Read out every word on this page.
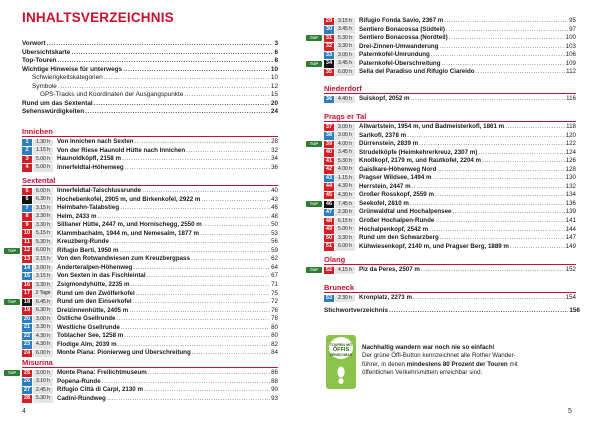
INHALTSVERZEICHNIS
Vorwort .....	3
Übersichtskarte .....	6
Top-Touren .....	8
Wichtige Hinweise für unterwegs .....	10
Schwierigkeitskategorien .....	10
Symbole .....	12
GPS-Tracks und Koordinaten der Ausgangspunkte .....	15
Rund um das Sextental .....	20
Sehenswürdigkeiten .....	24
Innichen
1	1.30 h	Von Innichen nach Sexten .....	28
2	1.15 h	Von der Riese Haunold Hütte nach Innichen .....	32
3	5.00 h	Haunoldköpfl, 2158 m .....	34
4	5.00 h	Innerfeldtal-Höhenweg .....	36
Sextental
5	6.00 h	Innerfeldtal-Talschlussrunde .....	40
6	6.30 h	Hochebenkofel, 2905 m, und Birkenkofel, 2922 m .....	43
7	3.15 h	Helmbahn-Talabstieg .....	46
8	3.30 h	Helm, 2433 m .....	48
9	3.30 h	Sillianer Hütte, 2447 m, und Hornischegg, 2550 m .....	50
10	5.15 h	Klammbachalm, 1944 m, und Nemesalm, 1877 m .....	53
11	5.30 h	Kreuzberg-Runde .....	56
TOP	12	6.00 h	Rifugio Berti, 1950 m .....	59
13	2.15 h	Von den Rotwandwiesen zum Kreuzbergpass .....	62
14	3.00 h	Anderteralpen-Höhenweg .....	64
15	3.15 h	Von Sexten in das Fischleintal .....	67
16	3.30 h	Zsigmondyhütte, 2235 m .....	71
17	2 Tage	Rund um den Zwölferkofel .....	75
TOP	18	6.45 h	Rund um den Einserkofel .....	72
19	6.30 h	Dreizinnenhütte, 2405 m .....	76
20	3.00 h	Östliche Gsellrunde .....	78
21	3.30 h	Westliche Gsellrunde .....	80
22	4.30 h	Toblacher See, 1258 m .....	80
23	4.30 h	Flodige Alm, 2039 m .....	82
24	6.00 h	Monte Piana: Pionierweg und Überschreitung .....	84
Misurina
TOP	25	3.00 h	Monte Piana: Freilichtmuseum .....	86
26	3.10 h	Popena-Runde .....	88
27	2.45 h	Rifugio Città di Carpi, 2130 m .....	90
28	5.30 h	Cadini-Rundweg .....	93
4
29	3.15 h	Rifugio Fonda Savio, 2367 m .....	95
30	3.45 h	Sentiero Bonacossa (Südteil) .....	97
TOP	31	5.30 h	Sentiero Bonacossa (Nordteil) .....	100
32	3.30 h	Drei-Zinnen-Umwanderung .....	103
33	3.00 h	Paternkofel-Umrundung .....	106
TOP	34	3.45 h	Paternkofel-Überschreitung .....	109
35	6.00 h	Sella del Paradiso und Rifugio Ciareido .....	112
Niederdorf
36	4.40 h	Suiskopf, 2052 m .....	116
Prags er Tal
37	3.00 h	Allwartstein, 1954 m, und Badmeisterkofl, 1861 m .....	118
38	3.00 h	Sarlkofl, 2378 m .....	120
TOP	39	4.00 h	Dürrenstein, 2839 m .....	122
40	3.45 h	Strudelköpfe (Heimkehrerkreuz, 2307 m) .....	124
41	5.30 h	Knollkopf, 2179 m, und Rautkofel, 2204 m .....	126
42	4.00 h	Gaislkare-Höhenweg Nord .....	128
43	1.15 h	Pragser Wildsee, 1494 m .....	130
44	4.30 h	Herrstein, 2447 m .....	132
45	4.30 h	Großer Rosskopf, 2559 m .....	134
TOP	46	7.45 h	Seekofel, 2810 m .....	136
47	2.30 h	Grünwaldtal und Hochalpensee .....	139
48	6.15 h	Großer Hochalpen-Runde .....	141
49	5.00 h	Hochalpenkopf, 2542 m .....	144
50	3.30 h	Rund um den Schwarzberg .....	147
51	6.00 h	Kühwiesenkopf, 2140 m, und Pragser Berg, 1889 m .....	149
Olang
TOP	52	4.15 h	Piz da Peres, 2507 m .....	152
Bruneck
53	2.30 h	Kronplatz, 2273 m .....	154
5
Stichwortverzeichnis .....	156
TOUREN MIT
ÖFFIS
ERREICHBAR
Nachhaltig wandern war noch nie so einfach!
Der grüne Öffi-Button kennzeichnet alle Rother Wander-
führer, in denen mindestens 80 Prozent der Touren mit
öffentlichen Verkehrsmitteln erreichbar sind.
